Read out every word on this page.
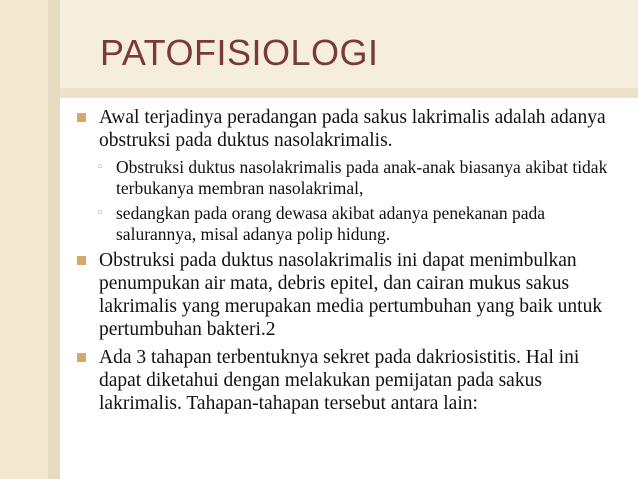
PATOFISIOLOGI
Awal terjadinya peradangan pada sakus lakrimalis adalah adanya obstruksi pada duktus nasolakrimalis.
◦ Obstruksi duktus nasolakrimalis pada anak-anak biasanya akibat tidak terbukanya membran nasolakrimal,
◦ sedangkan pada orang dewasa akibat adanya penekanan pada salurannya, misal adanya polip hidung.
Obstruksi pada duktus nasolakrimalis ini dapat menimbulkan penumpukan air mata, debris epitel, dan cairan mukus sakus lakrimalis yang merupakan media pertumbuhan yang baik untuk pertumbuhan bakteri.2
Ada 3 tahapan terbentuknya sekret pada dakriosistitis. Hal ini dapat diketahui dengan melakukan pemijatan pada sakus lakrimalis. Tahapan-tahapan tersebut antara lain:
